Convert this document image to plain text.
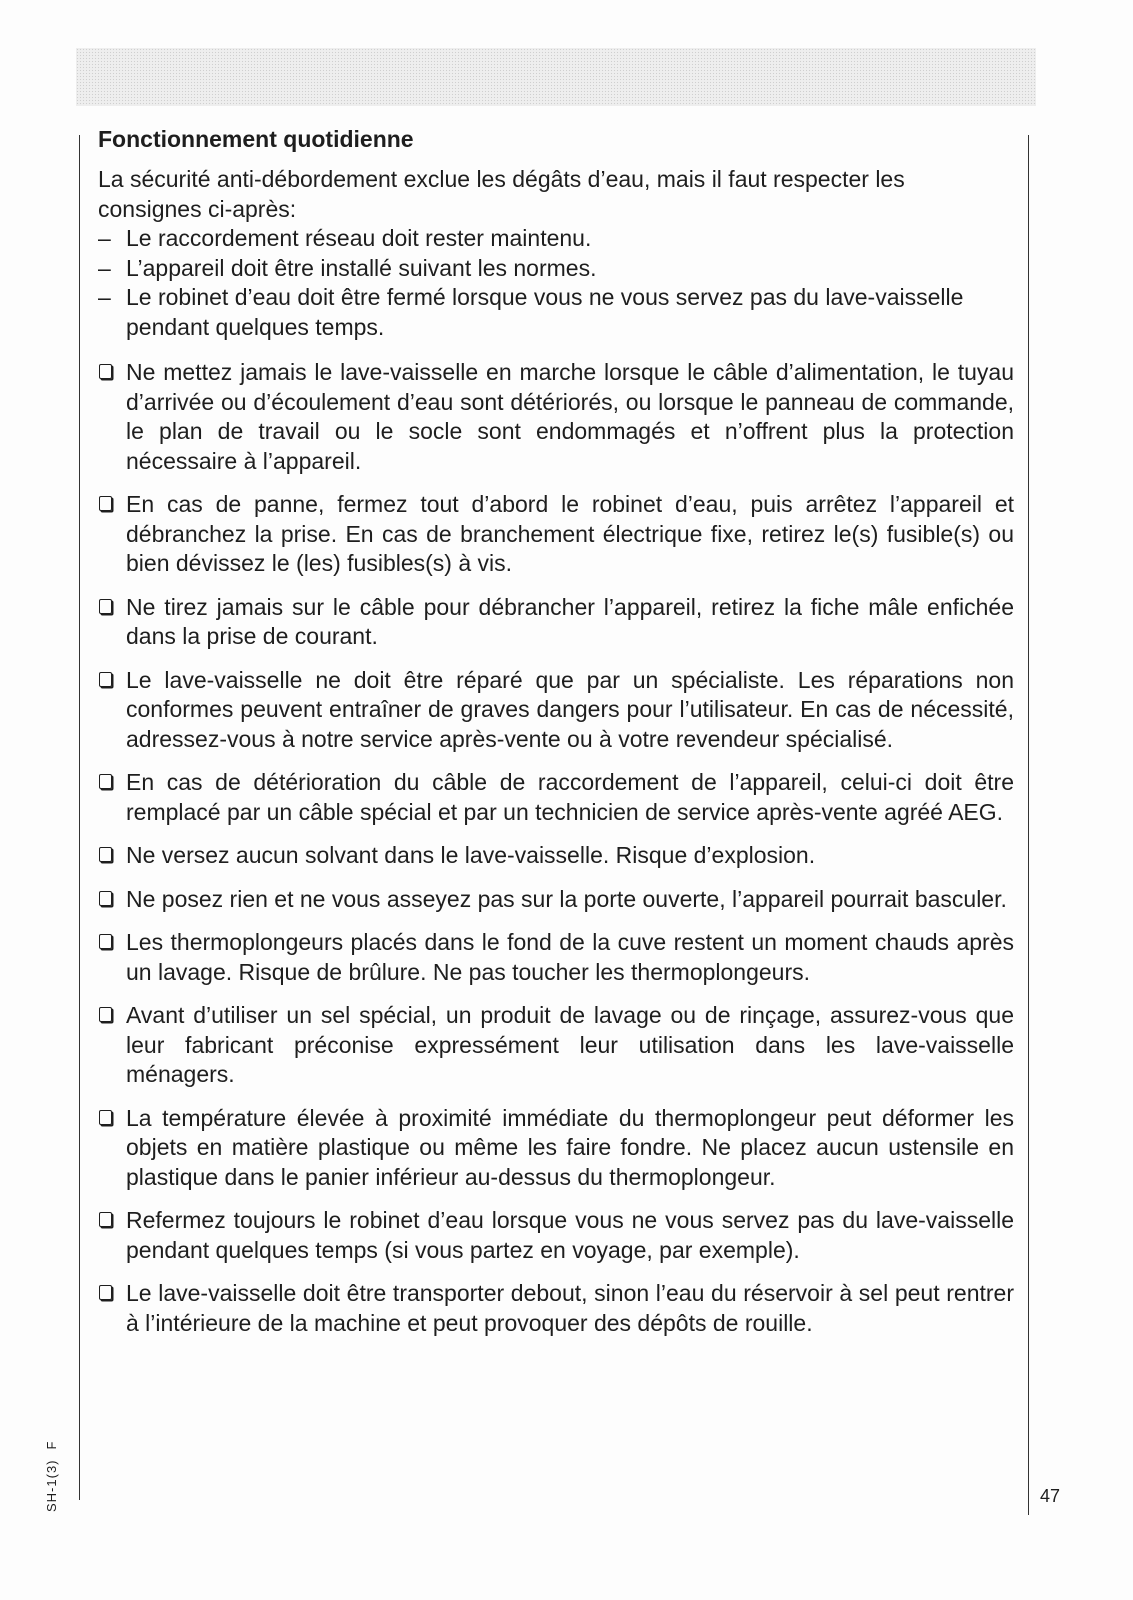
Fonctionnement quotidienne

La sécurité anti-débordement exclue les dégâts d’eau, mais il faut respecter les consignes ci-après:

– Le raccordement réseau doit rester maintenu.
– L’appareil doit être installé suivant les normes.
– Le robinet d’eau doit être fermé lorsque vous ne vous servez pas du lave-vaisselle pendant quelques temps.
Ne mettez jamais le lave-vaisselle en marche lorsque le câble d’alimentation, le tuyau d’arrivée ou d’écoulement d’eau sont détériorés, ou lorsque le panneau de commande, le plan de travail ou le socle sont endommagés et n’offrent plus la protection nécessaire à l’appareil.
En cas de panne, fermez tout d’abord le robinet d’eau, puis arrêtez l’appareil et débranchez la prise. En cas de branchement électrique fixe, retirez le(s) fusible(s) ou bien dévissez le (les) fusibles(s) à vis.
Ne tirez jamais sur le câble pour débrancher l’appareil, retirez la fiche mâle enfichée dans la prise de courant.
Le lave-vaisselle ne doit être réparé que par un spécialiste. Les réparations non conformes peuvent entraîner de graves dangers pour l’utilisateur. En cas de nécessité, adressez-vous à notre service après-vente ou à votre revendeur spécialisé.
En cas de détérioration du câble de raccordement de l’appareil, celui-ci doit être remplacé par un câble spécial et par un technicien de service après-vente agréé AEG.
Ne versez aucun solvant dans le lave-vaisselle. Risque d’explosion.
Ne posez rien et ne vous asseyez pas sur la porte ouverte, l’appareil pourrait basculer.
Les thermoplongeurs placés dans le fond de la cuve restent un moment chauds après un lavage. Risque de brûlure. Ne pas toucher les thermoplongeurs.
Avant d’utiliser un sel spécial, un produit de lavage ou de rinçage, assurez-vous que leur fabricant préconise expressément leur utilisation dans les lave-vaisselle ménagers.
La température élevée à proximité immédiate du thermoplongeur peut déformer les objets en matière plastique ou même les faire fondre. Ne placez aucun ustensile en plastique dans le panier inférieur au-dessus du thermoplongeur.
Refermez toujours le robinet d’eau lorsque vous ne vous servez pas du lave-vaisselle pendant quelques temps (si vous partez en voyage, par exemple).
Le lave-vaisselle doit être transporter debout, sinon l’eau du réservoir à sel peut rentrer à l’intérieure de la machine et peut provoquer des dépôts de rouille.
SH-1(3)F
47
